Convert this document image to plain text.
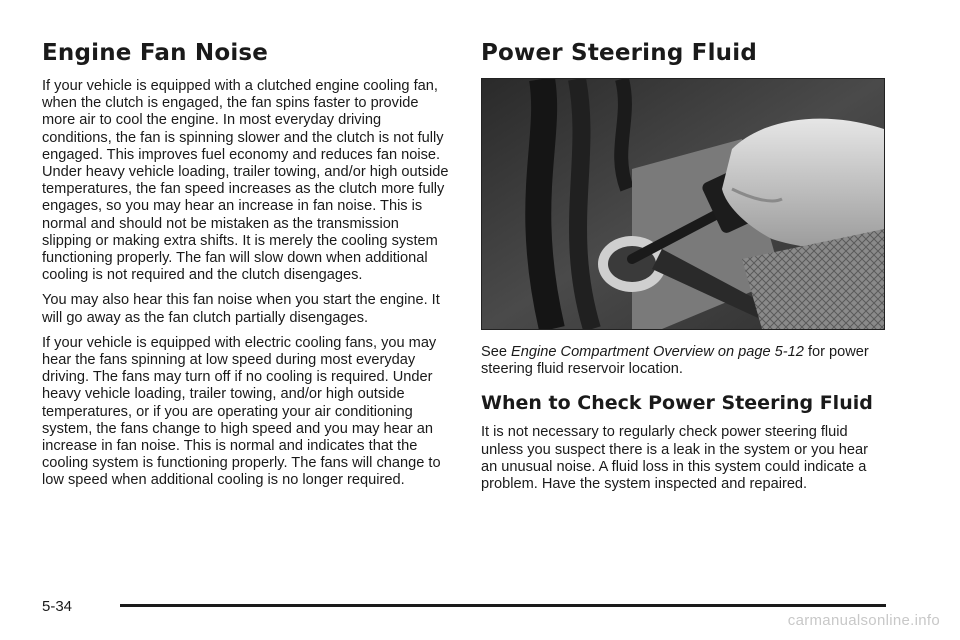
Engine Fan Noise

If your vehicle is equipped with a clutched engine cooling fan, when the clutch is engaged, the fan spins faster to provide more air to cool the engine. In most everyday driving conditions, the fan is spinning slower and the clutch is not fully engaged. This improves fuel economy and reduces fan noise. Under heavy vehicle loading, trailer towing, and/or high outside temperatures, the fan speed increases as the clutch more fully engages, so you may hear an increase in fan noise. This is normal and should not be mistaken as the transmission slipping or making extra shifts. It is merely the cooling system functioning properly. The fan will slow down when additional cooling is not required and the clutch disengages.

You may also hear this fan noise when you start the engine. It will go away as the fan clutch partially disengages.

If your vehicle is equipped with electric cooling fans, you may hear the fans spinning at low speed during most everyday driving. The fans may turn off if no cooling is required. Under heavy vehicle loading, trailer towing, and/or high outside temperatures, or if you are operating your air conditioning system, the fans change to high speed and you may hear an increase in fan noise. This is normal and indicates that the cooling system is functioning properly. The fans will change to low speed when additional cooling is no longer required.

Power Steering Fluid

See Engine Compartment Overview on page 5-12 for power steering fluid reservoir location.

When to Check Power Steering Fluid

It is not necessary to regularly check power steering fluid unless you suspect there is a leak in the system or you hear an unusual noise. A fluid loss in this system could indicate a problem. Have the system inspected and repaired.

5-34
carmanualsonline.info
